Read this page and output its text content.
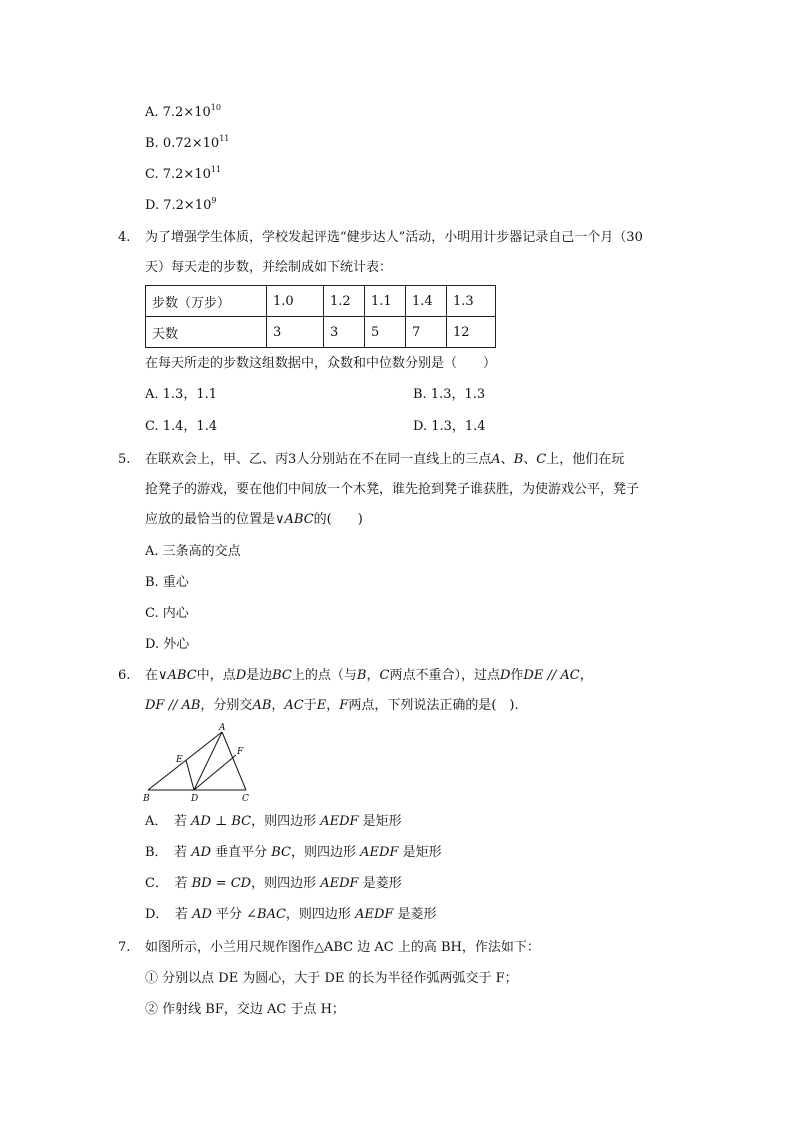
A. $7.2\times 10^{10}$
B. $0.72\times 10^{11}$
C. $7.2\times 10^{11}$
D. $7.2\times 10^9$
4.	为了增强学生体质，学校发起评选“健步达人”活动，小明用计步器记录自己一个月（30
天）每天走的步数，并绘制成如下统计表：
步数（万步）	1.0	1.2	1.1	1.4	1.3
天数	3	3	5	7	12
在每天所走的步数这组数据中，众数和中位数分别是（　　）
A. 1.3，1.1	B. 1.3，1.3
C. 1.4，1.4	D. 1.3，1.4
5.	在联欢会上，甲、乙、丙3人分别站在不在同一直线上的三点A、B、C上，他们在玩
抢凳子的游戏，要在他们中间放一个木凳，谁先抢到凳子谁获胜，为使游戏公平，凳子
应放的最恰当的位置是∨ABC的(　　)
A. 三条高的交点
B. 重心
C. 内心
D. 外心
6.	在∨ABC中，点D是边BC上的点（与B，C两点不重合），过点D作DE // AC，
DF // AB，分别交AB，AC于E，F两点，下列说法正确的是(　).
A
B	C
D
E
F
A．　若 AD ⊥ BC，则四边形 AEDF 是矩形
B．　若 AD 垂直平分 BC，则四边形 AEDF 是矩形
C．　若 BD = CD，则四边形 AEDF 是菱形
D．　若 AD 平分 ∠BAC，则四边形 AEDF 是菱形
7.	如图所示，小兰用尺规作图作△ABC 边 AC 上的高 BH，作法如下：
① 分别以点 DE 为圆心，大于 DE 的长为半径作弧两弧交于 F；
② 作射线 BF，交边 AC 于点 H；
